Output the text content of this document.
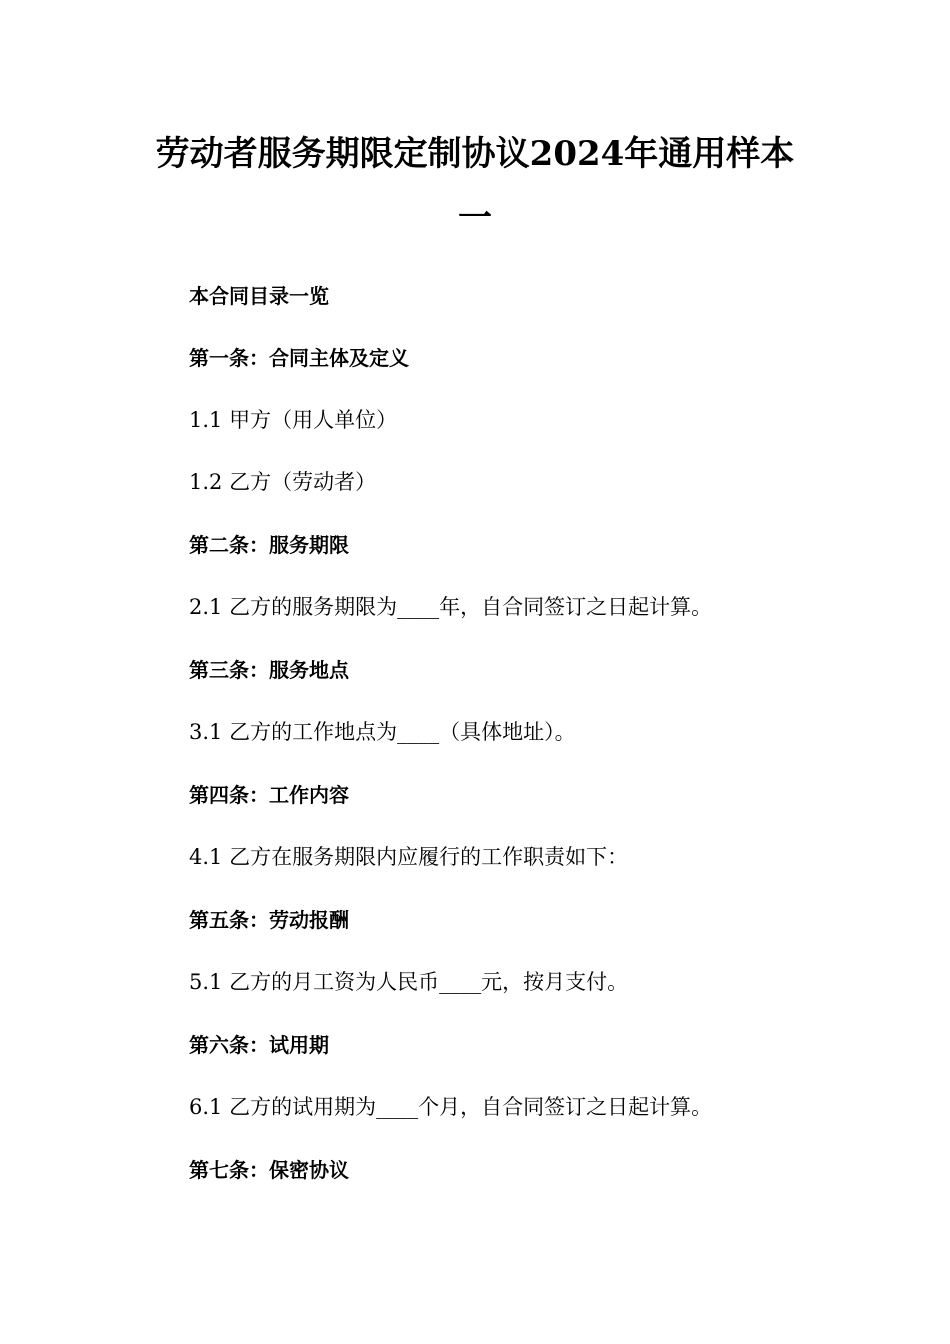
劳动者服务期限定制协议2024年通用样本
一
本合同目录一览
第一条：合同主体及定义
1.1 甲方（用人单位）
1.2 乙方（劳动者）
第二条：服务期限
2.1 乙方的服务期限为____年，自合同签订之日起计算。
第三条：服务地点
3.1 乙方的工作地点为____（具体地址）。
第四条：工作内容
4.1 乙方在服务期限内应履行的工作职责如下：
第五条：劳动报酬
5.1 乙方的月工资为人民币____元，按月支付。
第六条：试用期
6.1 乙方的试用期为____个月，自合同签订之日起计算。
第七条：保密协议
